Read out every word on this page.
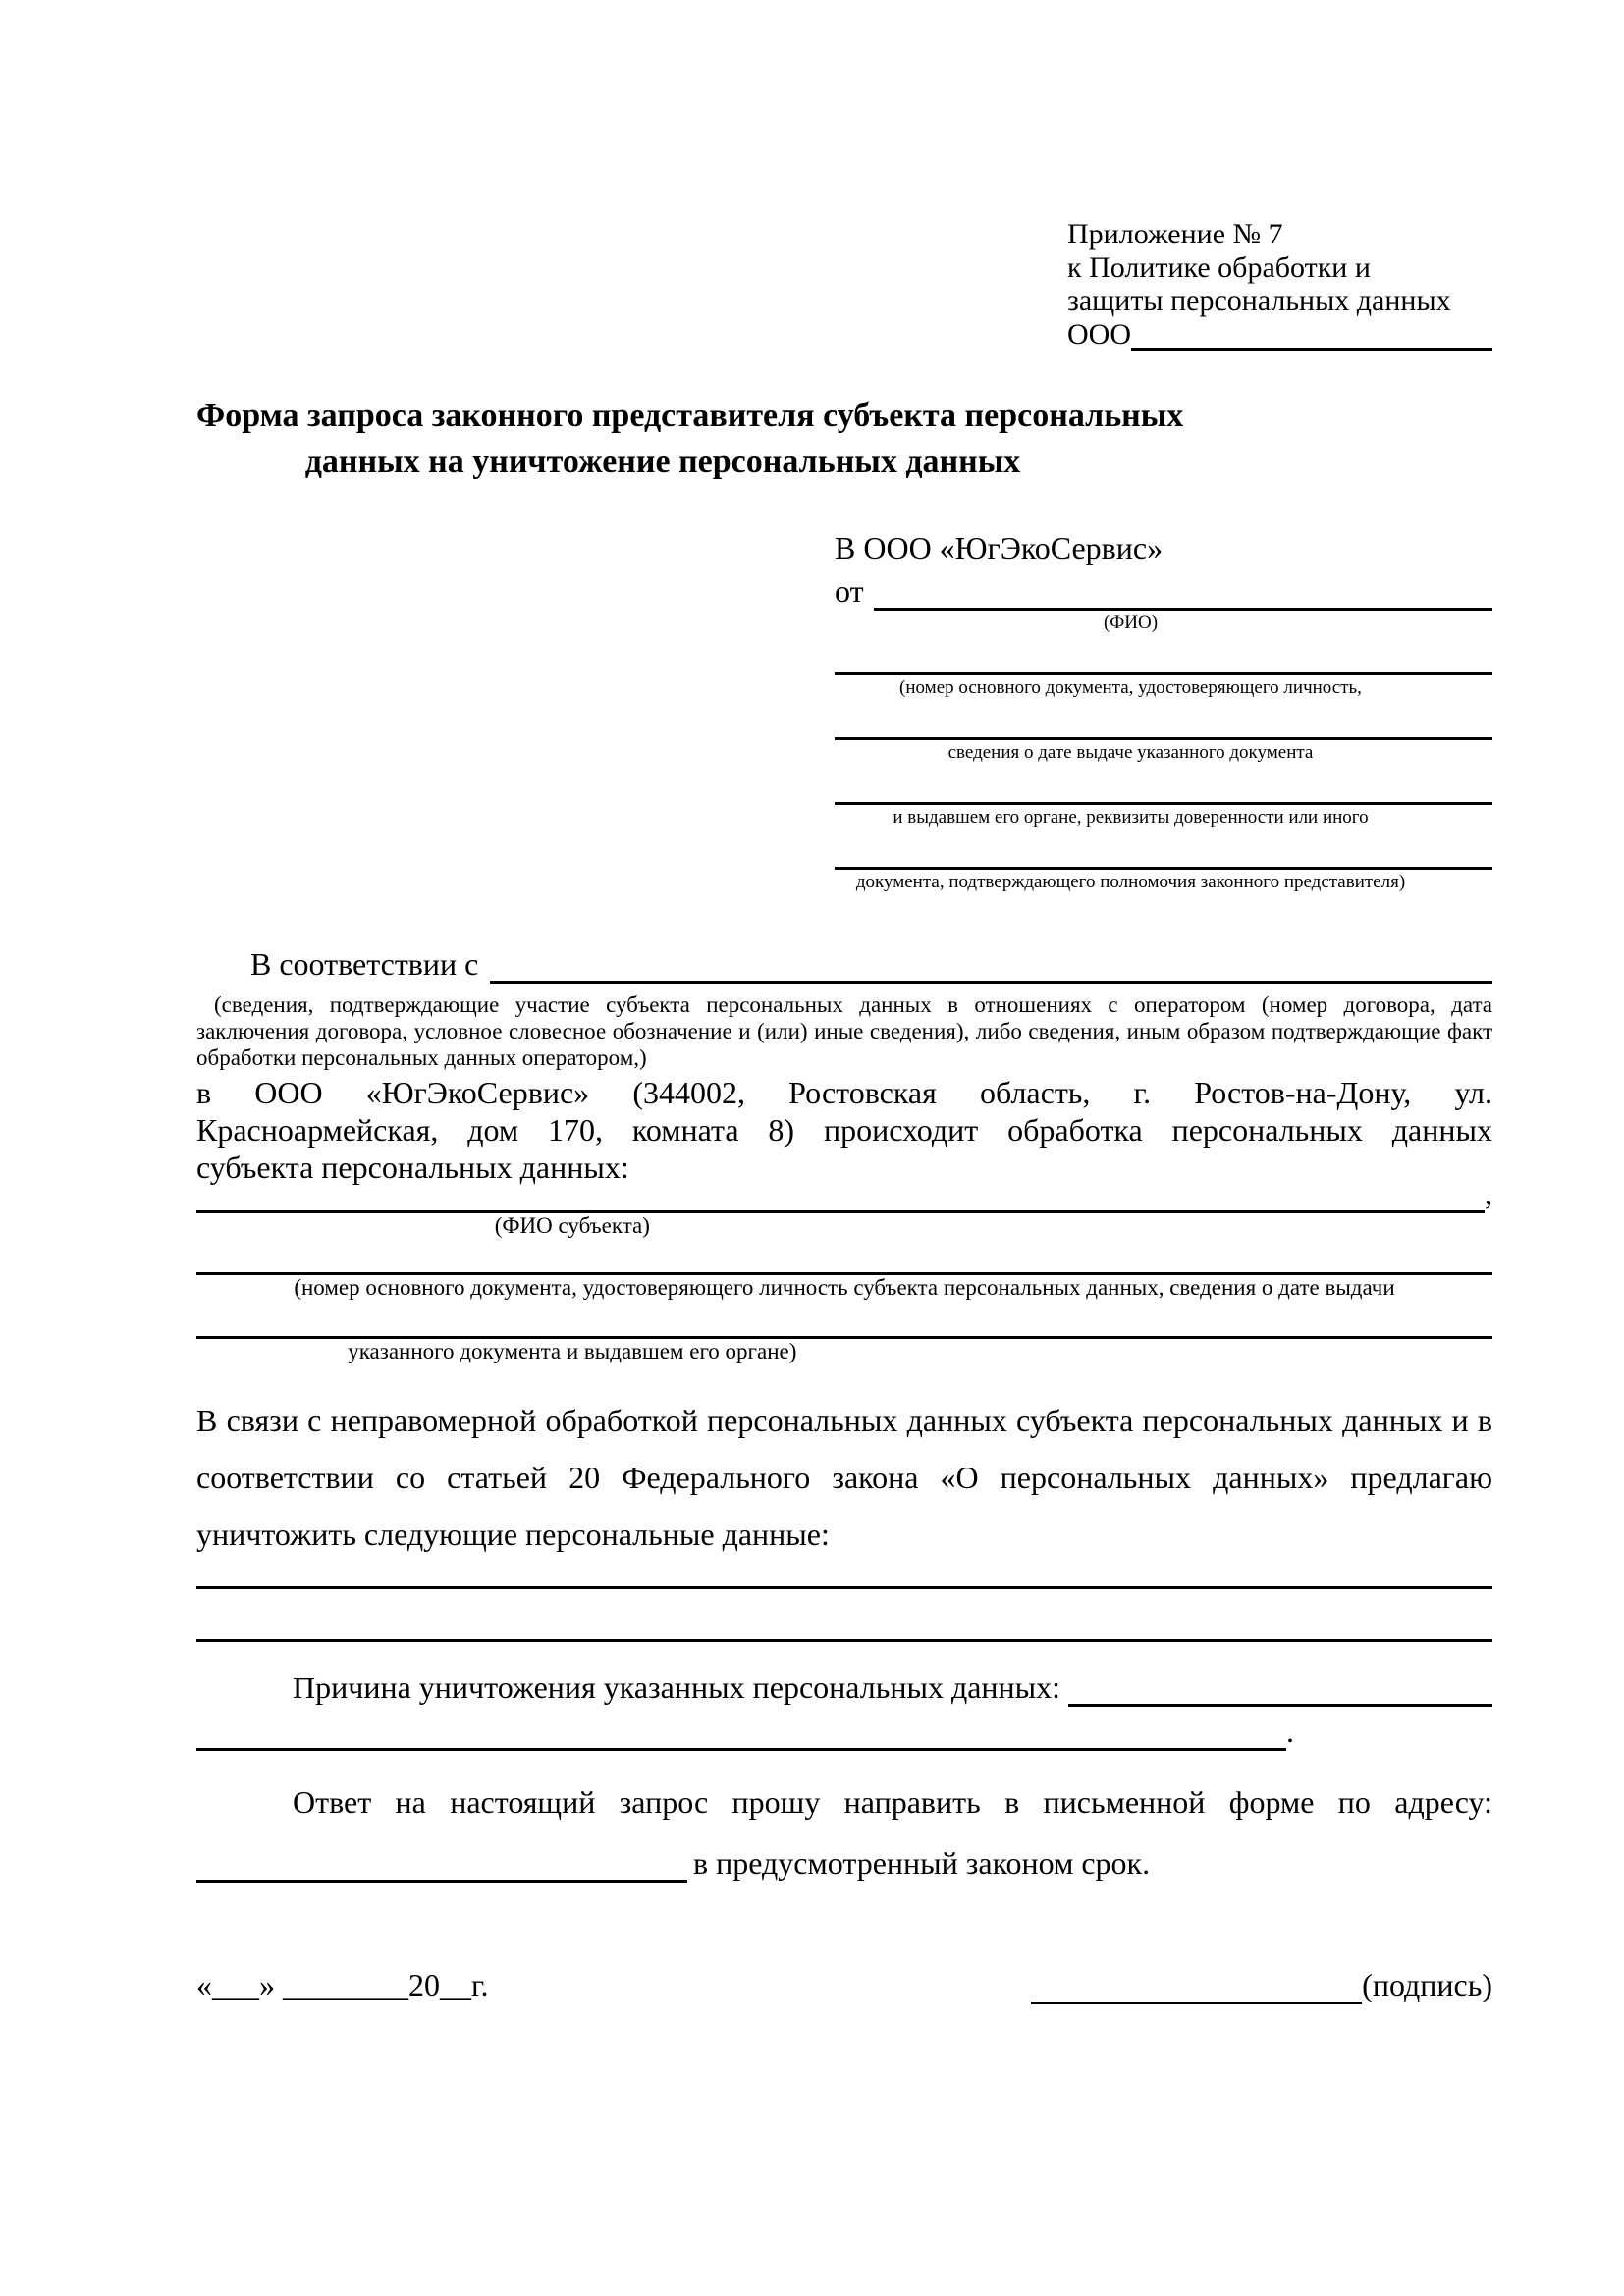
Приложение № 7
к Политике обработки и
защиты персональных данных
ООО
Форма запроса законного представителя субъекта персональных
данных на уничтожение персональных данных
В ООО «ЮгЭкоСервис»
от
(ФИО)
(номер основного документа, удостоверяющего личность,
сведения о дате выдаче указанного документа
и выдавшем его органе, реквизиты доверенности или иного
документа, подтверждающего полномочия законного представителя)
В соответствии с
(сведения, подтверждающие участие субъекта персональных данных в отношениях с оператором (номер договора, дата
заключения договора, условное словесное обозначение и (или) иные сведения), либо сведения, иным образом подтверждающие факт
обработки персональных данных оператором,)
в ООО «ЮгЭкоСервис» (344002, Ростовская область, г. Ростов-на-Дону, ул.
Красноармейская, дом 170, комната 8) происходит обработка персональных данных
субъекта персональных данных:
,
(ФИО субъекта)
(номер основного документа, удостоверяющего личность субъекта персональных данных, сведения о дате выдачи
указанного документа и выдавшем его органе)
В связи с неправомерной обработкой персональных данных субъекта персональных данных и в соответствии со статьей 20 Федерального закона «О персональных данных» предлагаю уничтожить следующие персональные данные:
Причина уничтожения указанных персональных данных:
.
Ответ на настоящий запрос прошу направить в письменной форме по адресу:
в предусмотренный законом срок.
«___» ________20__г.	(подпись)
